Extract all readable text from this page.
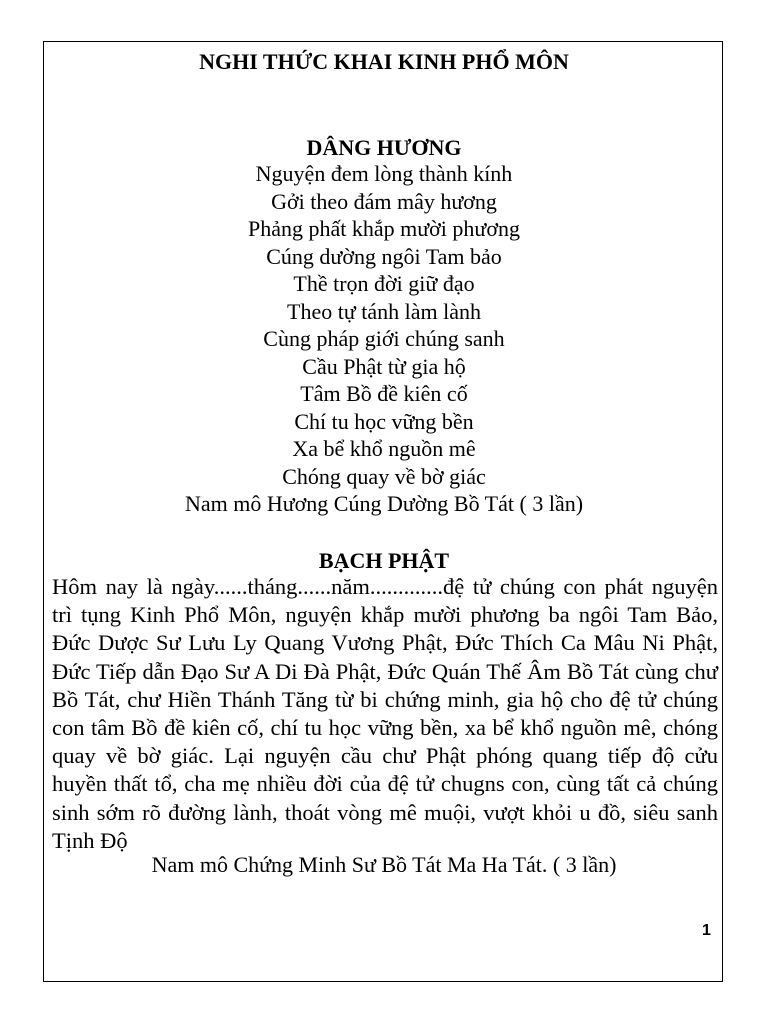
NGHI THỨC KHAI KINH PHỔ MÔN
DÂNG HƯƠNG
Nguyện đem lòng thành kính
Gởi theo đám mây hương
Phảng phất khắp mười phương
Cúng dường ngôi Tam bảo
Thề trọn đời giữ đạo
Theo tự tánh làm lành
Cùng pháp giới chúng sanh
Cầu Phật từ gia hộ
Tâm Bồ đề kiên cố
Chí tu học vững bền
Xa bể khổ nguồn mê
Chóng quay về bờ giác
Nam mô Hương Cúng Dường Bồ Tát ( 3 lần)
BẠCH PHẬT

Hôm nay là ngày......tháng......năm.............đệ tử chúng con phát nguyện trì tụng Kinh Phổ Môn, nguyện khắp mười phương ba ngôi Tam Bảo, Đức Dược Sư Lưu Ly Quang Vương Phật, Đức Thích Ca Mâu Ni Phật, Đức Tiếp dẫn Đạo Sư A Di Đà Phật, Đức Quán Thế Âm Bồ Tát cùng chư Bồ Tát, chư Hiền Thánh Tăng từ bi chứng minh, gia hộ cho đệ tử chúng con tâm Bồ đề kiên cố, chí tu học vững bền, xa bể khổ nguồn mê, chóng quay về bờ giác. Lại nguyện cầu chư Phật phóng quang tiếp độ cửu huyền thất tổ, cha mẹ nhiều đời của đệ tử chugns con, cùng tất cả chúng sinh sớm rõ đường lành, thoát vòng mê muội, vượt khỏi u đồ, siêu sanh Tịnh Độ

Nam mô Chứng Minh Sư Bồ Tát Ma Ha Tát. ( 3 lần)

1
